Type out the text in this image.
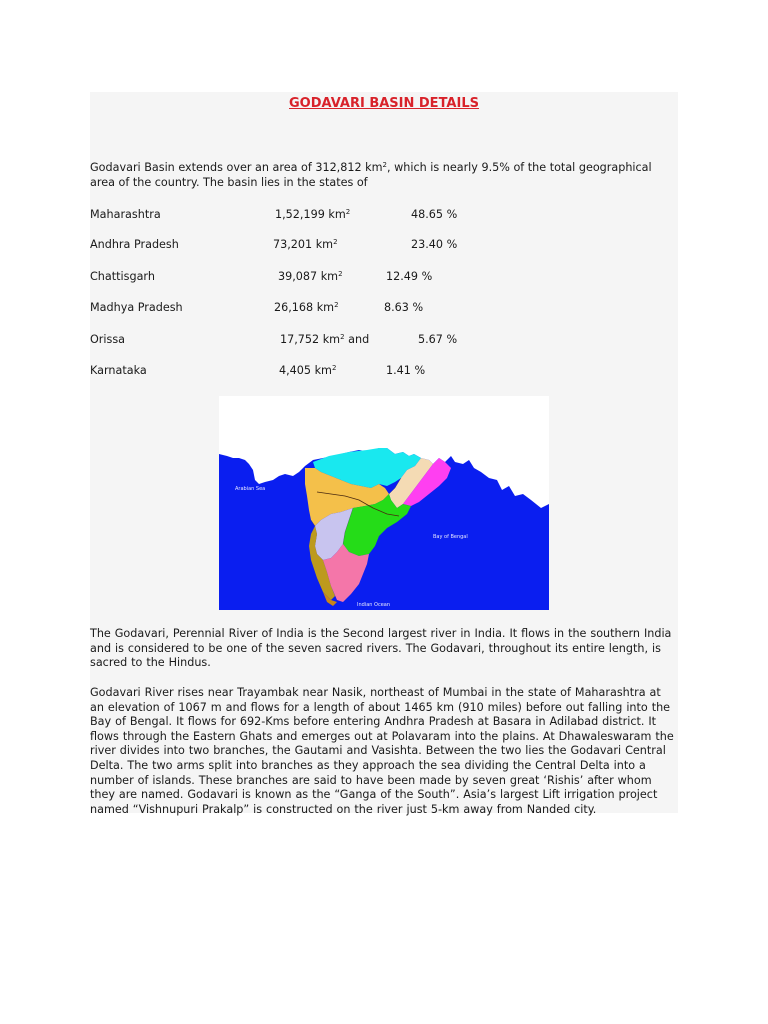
GODAVARI BASIN DETAILS
Godavari Basin extends over an area of 312,812 $km^2$, which is nearly 9.5% of the total geographical area of the country. The basin lies in the states of
Maharashtra	1,52,199 $km^2$	48.65 %
Andhra Pradesh	73,201 $km^2$	23.40 %
Chattisgarh	39,087 $km^2$	12.49 %
Madhya Pradesh	26,168 $km^2$	8.63 %
Orissa	17,752 $km^2$ and	5.67 %
Karnataka	4,405 $km^2$	1.41 %
Arabian Sea
Bay of Bengal
Indian Ocean
The Godavari, Perennial River of India is the Second largest river in India. It flows in the southern India and is considered to be one of the seven sacred rivers. The Godavari, throughout its entire length, is sacred to the Hindus.
Godavari River rises near Trayambak near Nasik, northeast of Mumbai in the state of Maharashtra at an elevation of 1067 m and flows for a length of about 1465 km (910 miles) before out falling into the Bay of Bengal. It flows for 692-Kms before entering Andhra Pradesh at Basara in Adilabad district. It flows through the Eastern Ghats and emerges out at Polavaram into the plains. At Dhawaleswaram the river divides into two branches, the Gautami and Vasishta. Between the two lies the Godavari Central Delta. The two arms split into branches as they approach the sea dividing the Central Delta into a number of islands. These branches are said to have been made by seven great ‘Rishis’ after whom they are named. Godavari is known as the “Ganga of the South”. Asia’s largest Lift irrigation project named “Vishnupuri Prakalp” is constructed on the river just 5-km away from Nanded city.
